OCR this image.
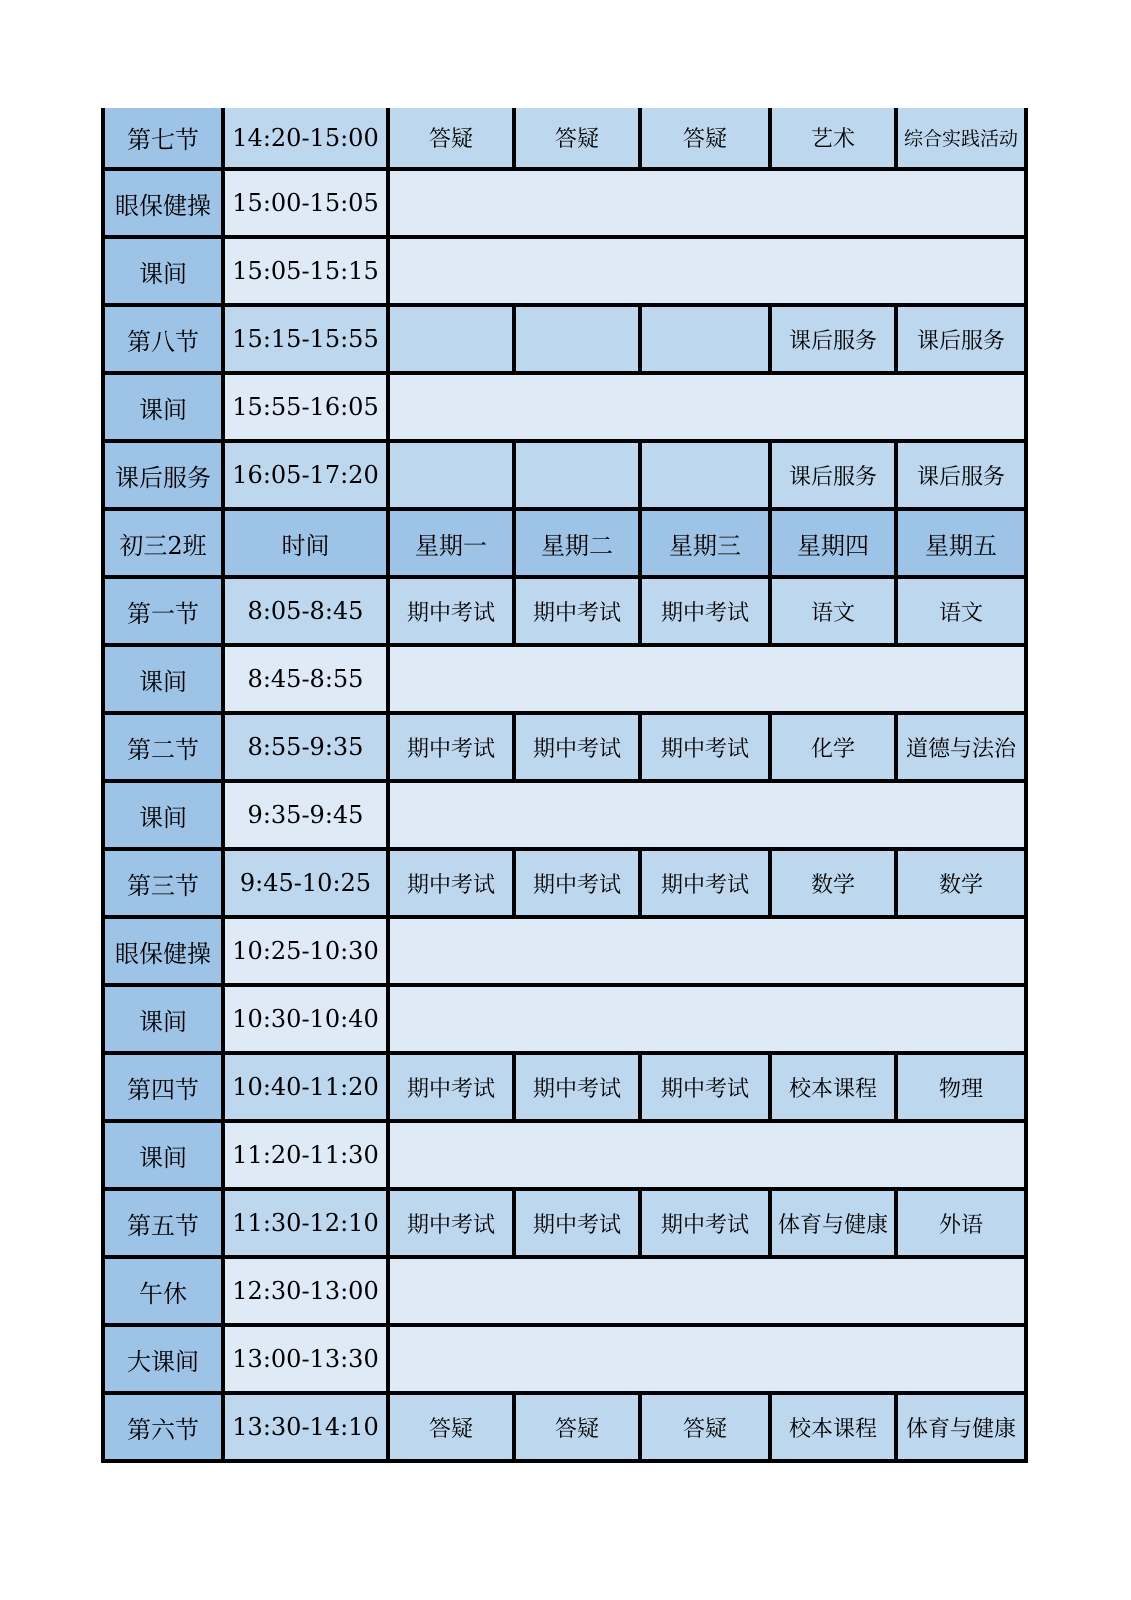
第七节	14:20-15:00	答疑	答疑	答疑	艺术	综合实践活动
眼保健操	15:00-15:05					
课间	15:05-15:15					
第八节	15:15-15:55				课后服务	课后服务
课间	15:55-16:05					
课后服务	16:05-17:20				课后服务	课后服务
初三2班	时间	星期一	星期二	星期三	星期四	星期五
第一节	8:05-8:45	期中考试	期中考试	期中考试	语文	语文
课间	8:45-8:55					
第二节	8:55-9:35	期中考试	期中考试	期中考试	化学	道德与法治
课间	9:35-9:45					
第三节	9:45-10:25	期中考试	期中考试	期中考试	数学	数学
眼保健操	10:25-10:30					
课间	10:30-10:40					
第四节	10:40-11:20	期中考试	期中考试	期中考试	校本课程	物理
课间	11:20-11:30					
第五节	11:30-12:10	期中考试	期中考试	期中考试	体育与健康	外语
午休	12:30-13:00					
大课间	13:00-13:30					
第六节	13:30-14:10	答疑	答疑	答疑	校本课程	体育与健康
